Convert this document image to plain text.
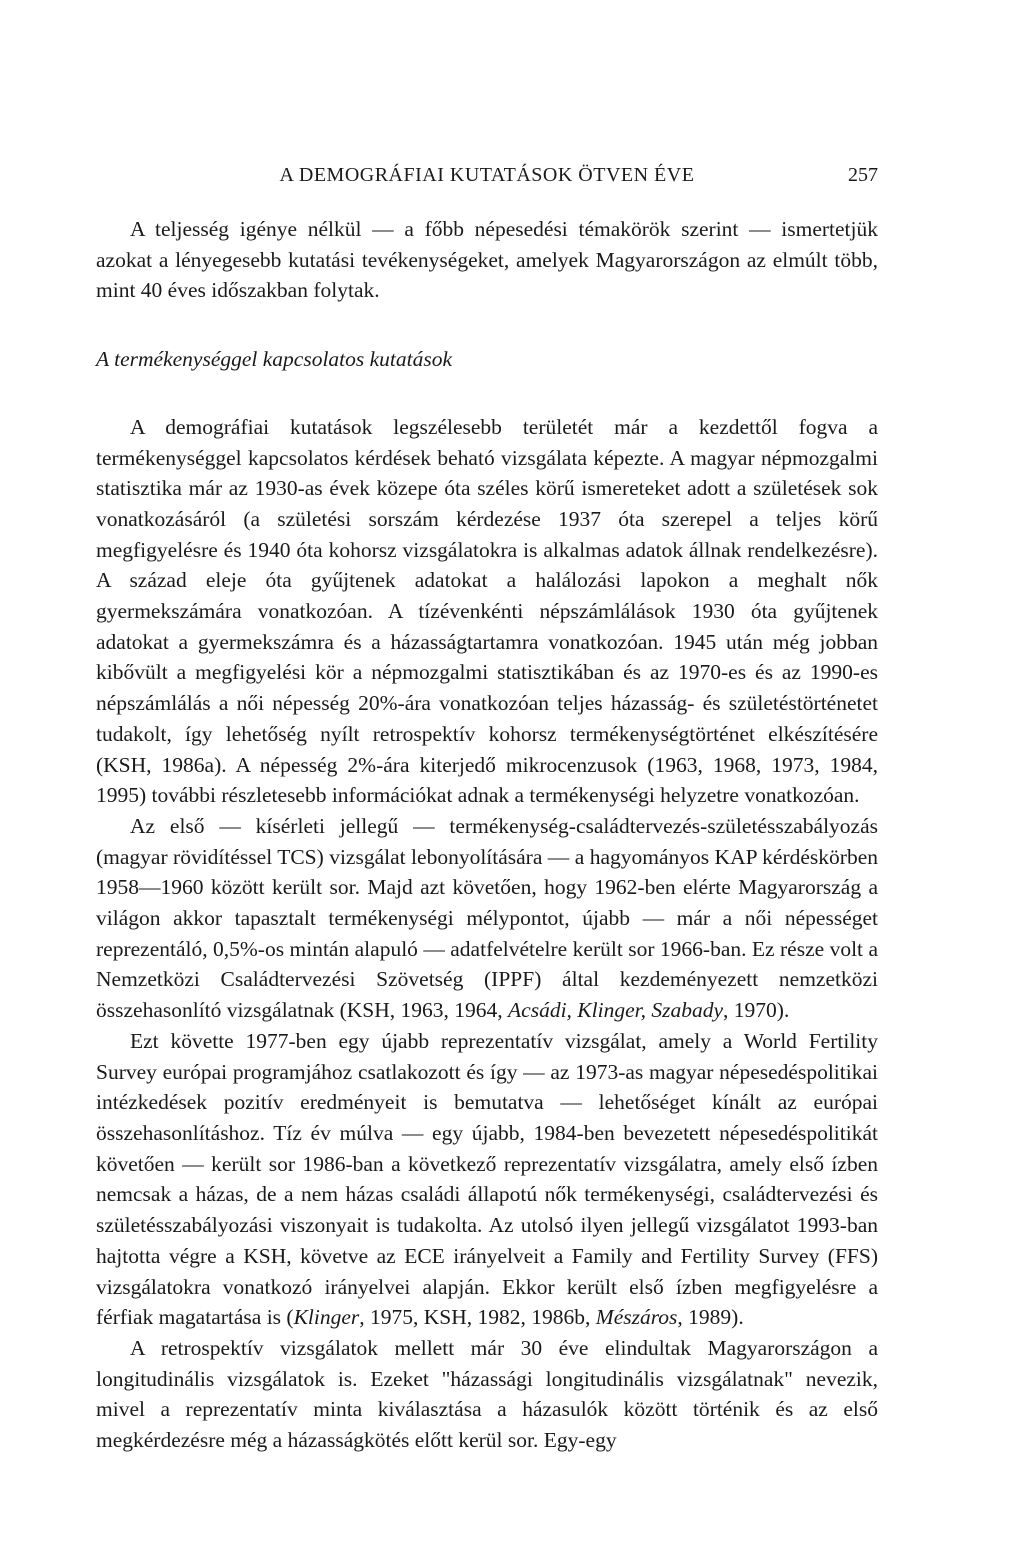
A DEMOGRÁFIAI KUTATÁSOK ÖTVEN ÉVE	257

A teljesség igénye nélkül — a főbb népesedési témakörök szerint — ismertetjük azokat a lényegesebb kutatási tevékenységeket, amelyek Magyarországon az elmúlt több, mint 40 éves időszakban folytak.

A termékenységgel kapcsolatos kutatások

A demográfiai kutatások legszélesebb területét már a kezdettől fogva a termékenységgel kapcsolatos kérdések beható vizsgálata képezte. A magyar népmozgalmi statisztika már az 1930-as évek közepe óta széles körű ismereteket adott a születések sok vonatkozásáról (a születési sorszám kérdezése 1937 óta szerepel a teljes körű megfigyelésre és 1940 óta kohorsz vizsgálatokra is alkalmas adatok állnak rendelkezésre). A század eleje óta gyűjtenek adatokat a halálozási lapokon a meghalt nők gyermekszámára vonatkozóan. A tízévenkénti népszámlálások 1930 óta gyűjtenek adatokat a gyermekszámra és a házasságtartamra vonatkozóan. 1945 után még jobban kibővült a megfigyelési kör a népmozgalmi statisztikában és az 1970-es és az 1990-es népszámlálás a női népesség 20%-ára vonatkozóan teljes házasság- és születéstörténetet tudakolt, így lehetőség nyílt retrospektív kohorsz termékenységtörténet elkészítésére (KSH, 1986a). A népesség 2%-ára kiterjedő mikrocenzusok (1963, 1968, 1973, 1984, 1995) további részletesebb információkat adnak a termékenységi helyzetre vonatkozóan.

Az első — kísérleti jellegű — termékenység-családtervezés-születésszabályozás (magyar rövidítéssel TCS) vizsgálat lebonyolítására — a hagyományos KAP kérdéskörben 1958—1960 között került sor. Majd azt követően, hogy 1962-ben elérte Magyarország a világon akkor tapasztalt termékenységi mélypontot, újabb — már a női népességet reprezentáló, 0,5%-os mintán alapuló — adatfelvételre került sor 1966-ban. Ez része volt a Nemzetközi Családtervezési Szövetség (IPPF) által kezdeményezett nemzetközi összehasonlító vizsgálatnak (KSH, 1963, 1964, Acsádi, Klinger, Szabady, 1970).

Ezt követte 1977-ben egy újabb reprezentatív vizsgálat, amely a World Fertility Survey európai programjához csatlakozott és így — az 1973-as magyar népesedéspolitikai intézkedések pozitív eredményeit is bemutatva — lehetőséget kínált az európai összehasonlításhoz. Tíz év múlva — egy újabb, 1984-ben bevezetett népesedéspolitikát követően — került sor 1986-ban a következő reprezentatív vizsgálatra, amely első ízben nemcsak a házas, de a nem házas családi állapotú nők termékenységi, családtervezési és születésszabályozási viszonyait is tudakolta. Az utolsó ilyen jellegű vizsgálatot 1993-ban hajtotta végre a KSH, követve az ECE irányelveit a Family and Fertility Survey (FFS) vizsgálatokra vonatkozó irányelvei alapján. Ekkor került első ízben megfigyelésre a férfiak magatartása is (Klinger, 1975, KSH, 1982, 1986b, Mészáros, 1989).

A retrospektív vizsgálatok mellett már 30 éve elindultak Magyarországon a longitudinális vizsgálatok is. Ezeket "házassági longitudinális vizsgálatnak" nevezik, mivel a reprezentatív minta kiválasztása a házasulók között történik és az első megkérdezésre még a házasságkötés előtt kerül sor. Egy-egy
